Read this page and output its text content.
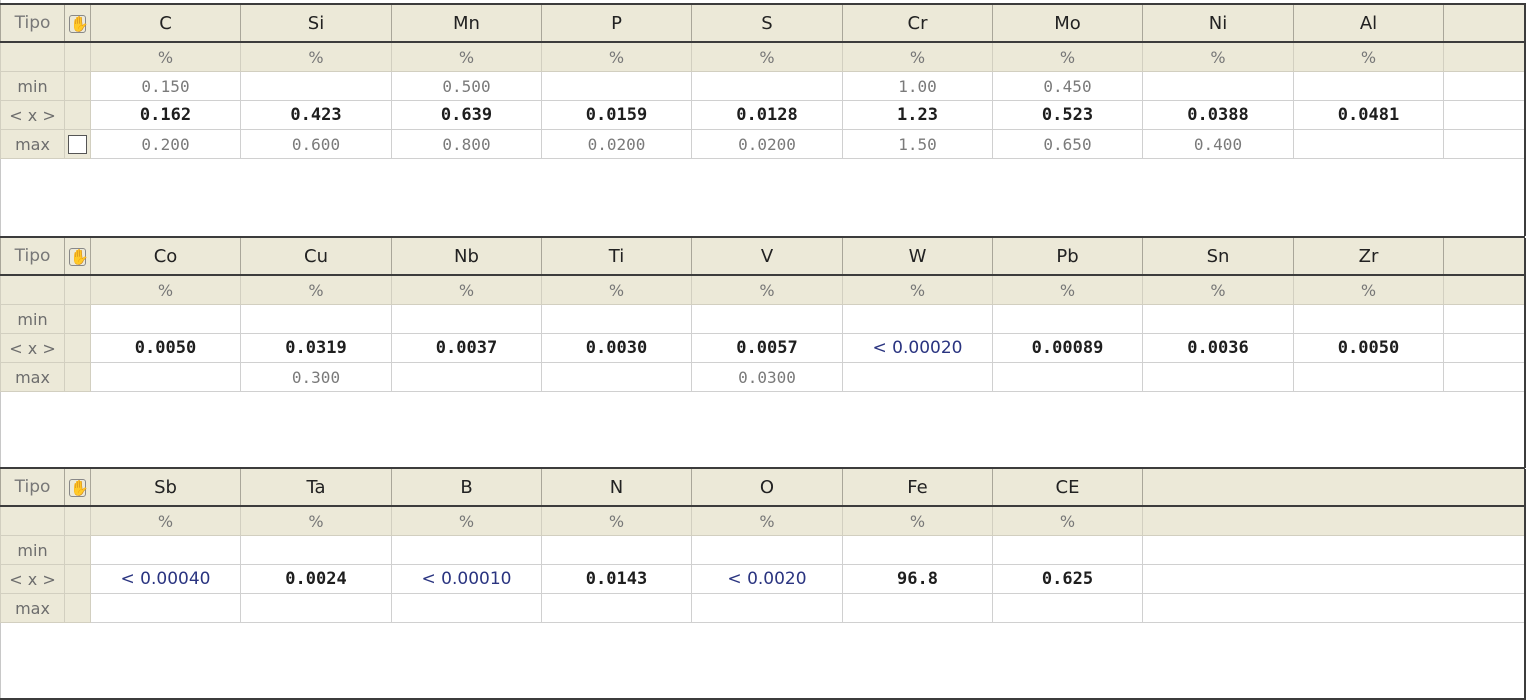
Tipo	✋	C	Si	Mn	P	S	Cr	Mo	Ni	Al	
		%	%	%	%	%	%	%	%	%	
min		0.150		0.500			1.00	0.450			
< x >		0.162	0.423	0.639	0.0159	0.0128	1.23	0.523	0.0388	0.0481	
max		0.200	0.600	0.800	0.0200	0.0200	1.50	0.650	0.400		
Tipo	✋	Co	Cu	Nb	Ti	V	W	Pb	Sn	Zr	
		%	%	%	%	%	%	%	%	%	
min											
< x >		0.0050	0.0319	0.0037	0.0030	0.0057	< 0.00020	0.00089	0.0036	0.0050	
max			0.300			0.0300					
Tipo	✋	Sb	Ta	B	N	O	Fe	CE	
		%	%	%	%	%	%	%	
min									
< x >		< 0.00040	0.0024	< 0.00010	0.0143	< 0.0020	96.8	0.625	
max									
